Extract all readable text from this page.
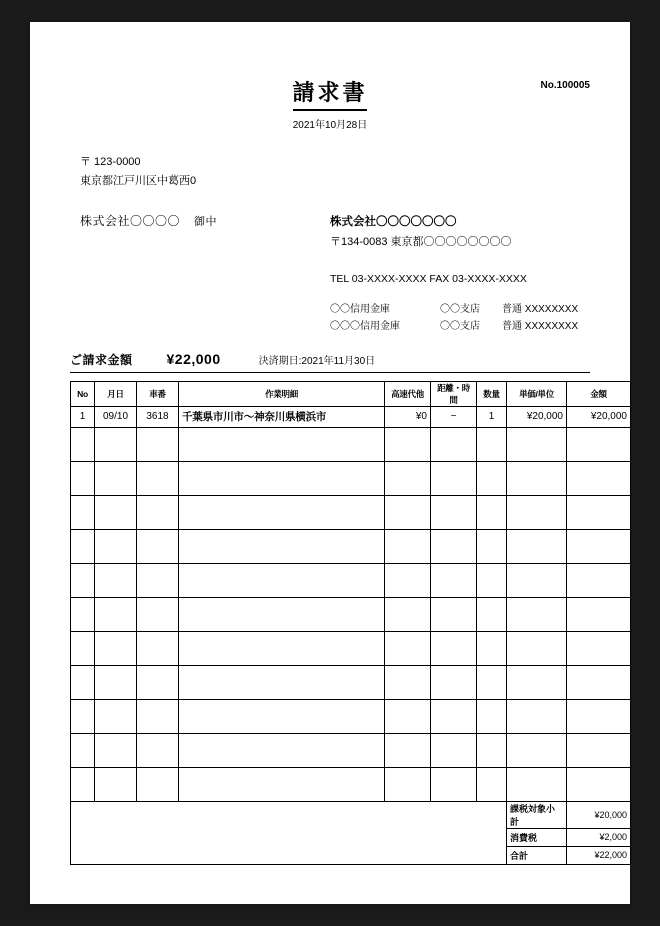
No.100005
請求書
2021年10月28日
〒 123-0000
東京都江戸川区中葛西0
株式会社〇〇〇〇 御中	株式会社〇〇〇〇〇〇〇
〒134-0083 東京都〇〇〇〇〇〇〇〇
TEL 03-XXXX-XXXX FAX 03-XXXX-XXXX
〇〇信用金庫	〇〇支店	普通 XXXXXXXX
〇〇〇信用金庫	〇〇支店	普通 XXXXXXXX
ご請求金額 ¥22,000	決済期日:2021年11月30日
No	月日	車番	作業明細	高速代他	距離・時間	数量	単価/単位	金額
1	09/10	3618	千葉県市川市〜神奈川県横浜市	¥0	−	1	¥20,000	¥20,000

							課税対象小計	¥20,000
							消費税	¥2,000
							合計	¥22,000
